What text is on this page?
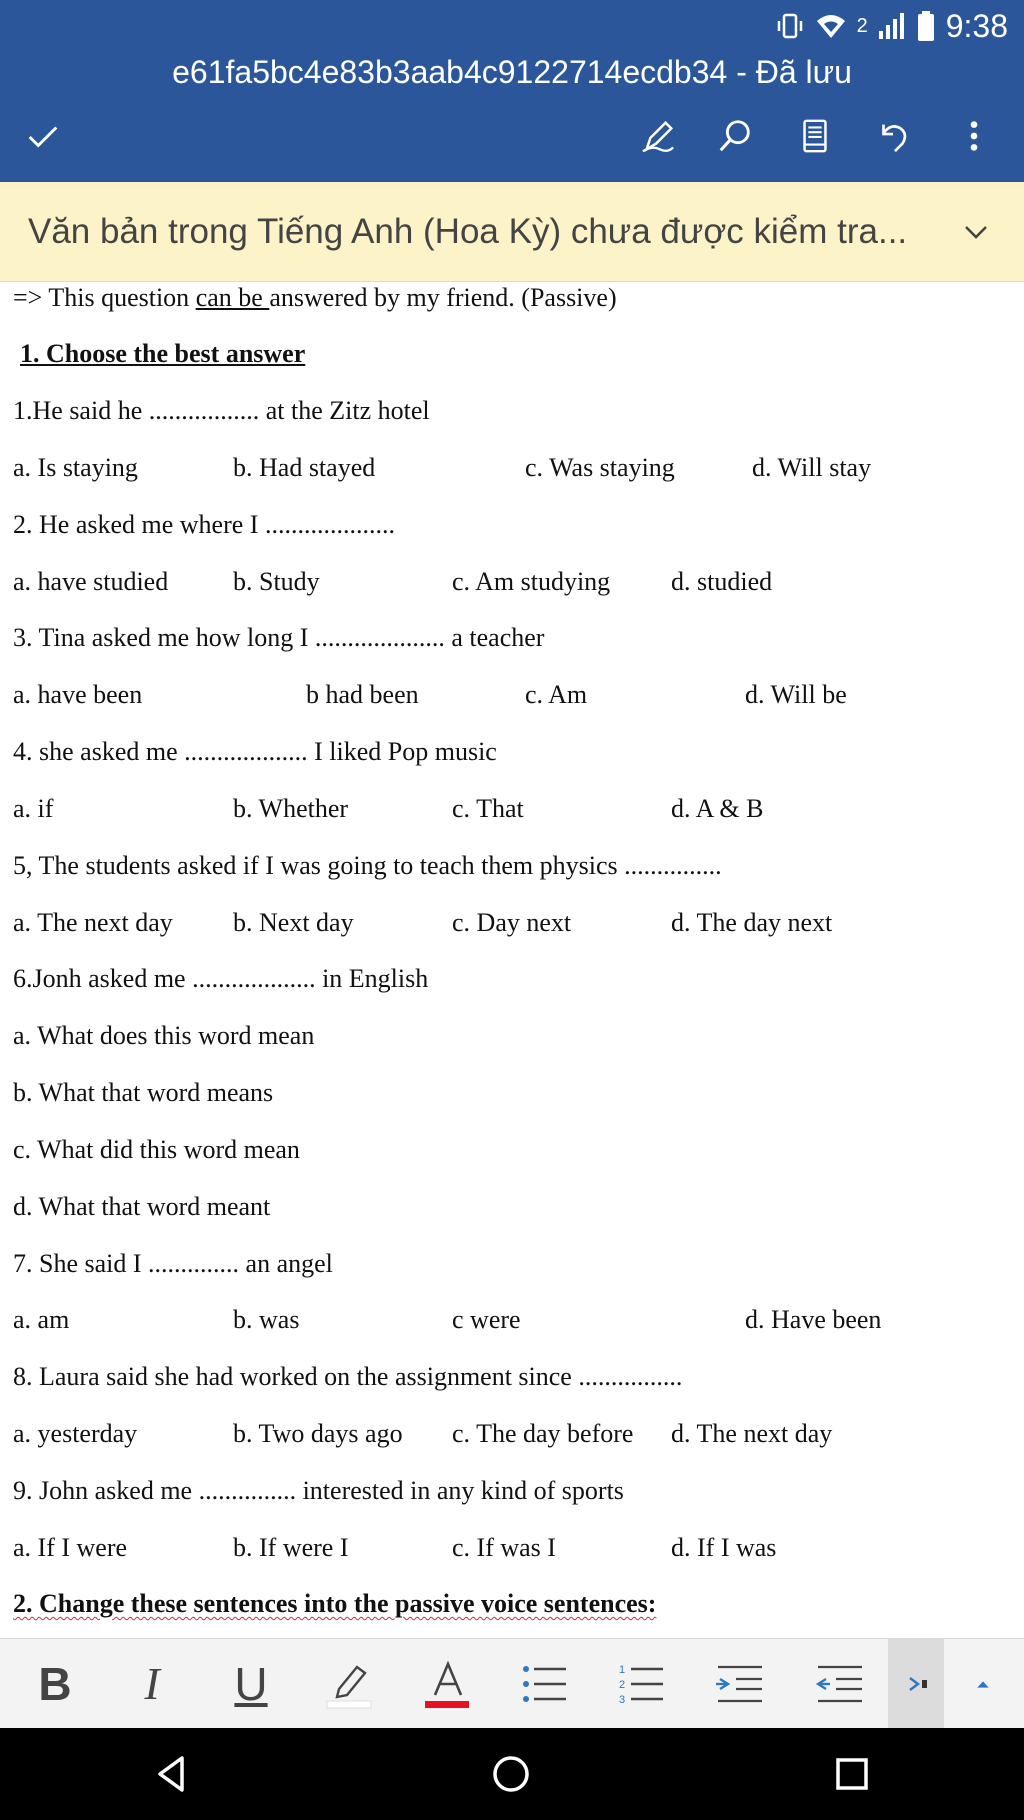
2 9:38
e61fa5bc4e83b3aab4c9122714ecdb34 - Đã lưu
Văn bản trong Tiếng Anh (Hoa Kỳ) chưa được kiểm tra...
=> This question can be answered by my friend. (Passive)
1. Choose the best answer
1.He said he ................. at the Zitz hotel
a. Is staying	b. Had stayed	c. Was staying	d. Will stay
2. He asked me where I ....................
a. have studied b. Study	c. Am studying d. studied
3. Tina asked me how long I .................... a teacher
a. have been	b had been	c. Am	d. Will be
4. she asked me ................... I liked Pop music
a. if	b. Whether	c. That	d. A & B
5, The students asked if I was going to teach them physics ...............
a. The next day b. Next day	c. Day next	d. The day next
6.Jonh asked me ................... in English
a. What does this word mean
b. What that word means
c. What did this word mean
d. What that word meant
7. She said I .............. an angel
a. am	b. was	c were	d. Have been
8. Laura said she had worked on the assignment since ................
a. yesterday	b. Two days ago c. The day before d. The next day
9. John asked me ............... interested in any kind of sports
a. If I were	b. If were I	c. If was I	d. If I was
2. Change these sentences into the passive voice sentences:
B I U	1
2
3
